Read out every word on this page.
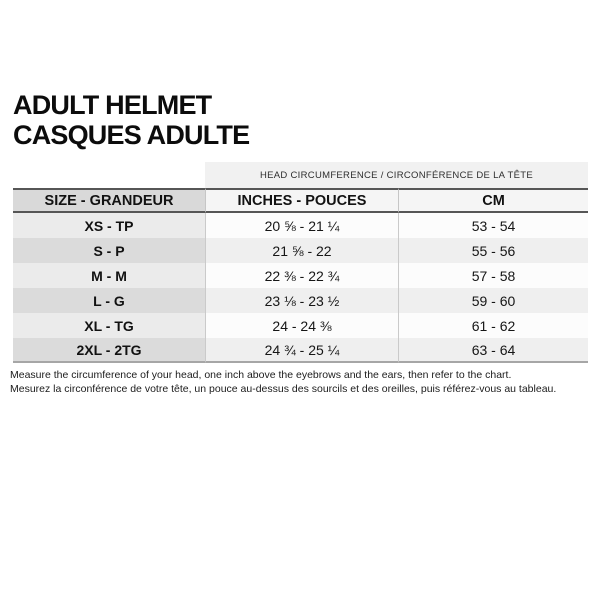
ADULT HELMET
CASQUES ADULTE
HEAD CIRCUMFERENCE / CIRCONFÉRENCE DE LA TÊTE
SIZE - GRANDEUR	INCHES - POUCES	CM
XS - TP	20 ⅝ - 21 ¼	53 - 54
S - P	21 ⅝ - 22	55 - 56
M - M	22 ⅜ - 22 ¾	57 - 58
L - G	23 ⅛ - 23 ½	59 - 60
XL - TG	24 - 24 ⅜	61 - 62
2XL - 2TG	24 ¾ - 25 ¼	63 - 64
Measure the circumference of your head, one inch above the eyebrows and the ears, then refer to the chart.
Mesurez la circonférence de votre tête, un pouce au-dessus des sourcils et des oreilles, puis référez-vous au tableau.
